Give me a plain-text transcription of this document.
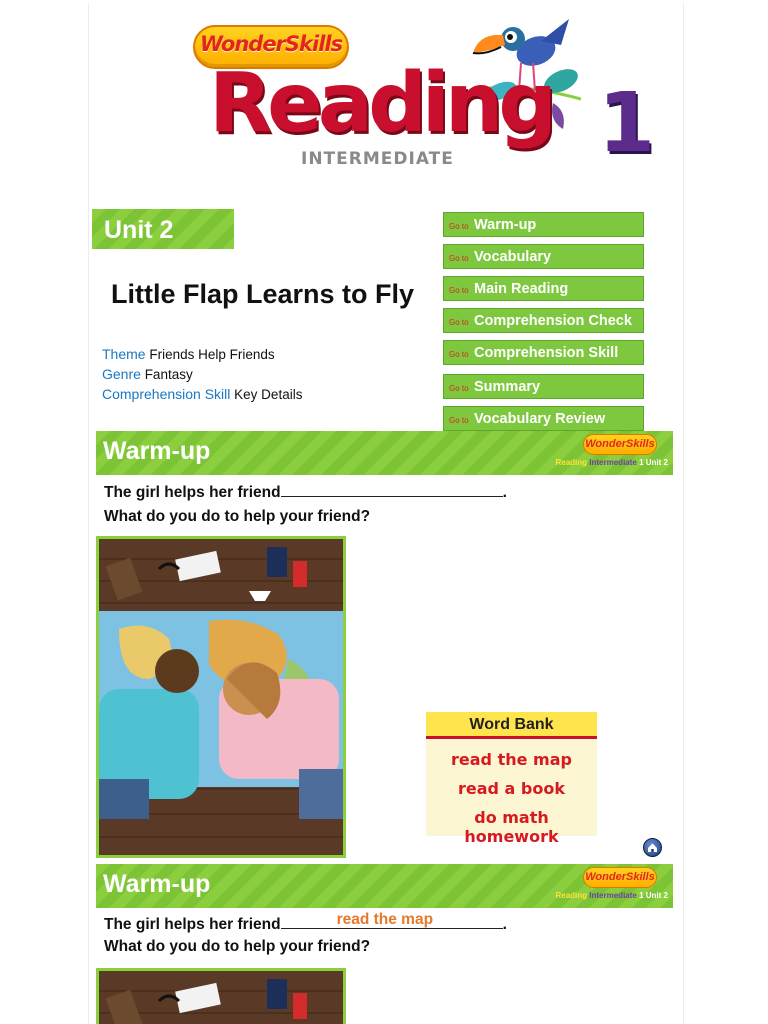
WonderSkills
Reading
INTERMEDIATE 1
Unit 2
Little Flap Learns to Fly
Theme Friends Help Friends
Genre Fantasy
Comprehension Skill Key Details
Go to Warm-up
Go to Vocabulary
Go to Main Reading
Go to Comprehension Check
Go to Comprehension Skill
Go to Summary
Go to Vocabulary Review
Warm-up	WonderSkills
Reading Intermediate 1 Unit 2
The girl helps her friend	.
What do you do to help your friend?
Word Bank
read the map
read a book
do math homework
Warm-up	WonderSkills
Reading Intermediate 1 Unit 2
The girl helps her friend	read the map	.
What do you do to help your friend?
